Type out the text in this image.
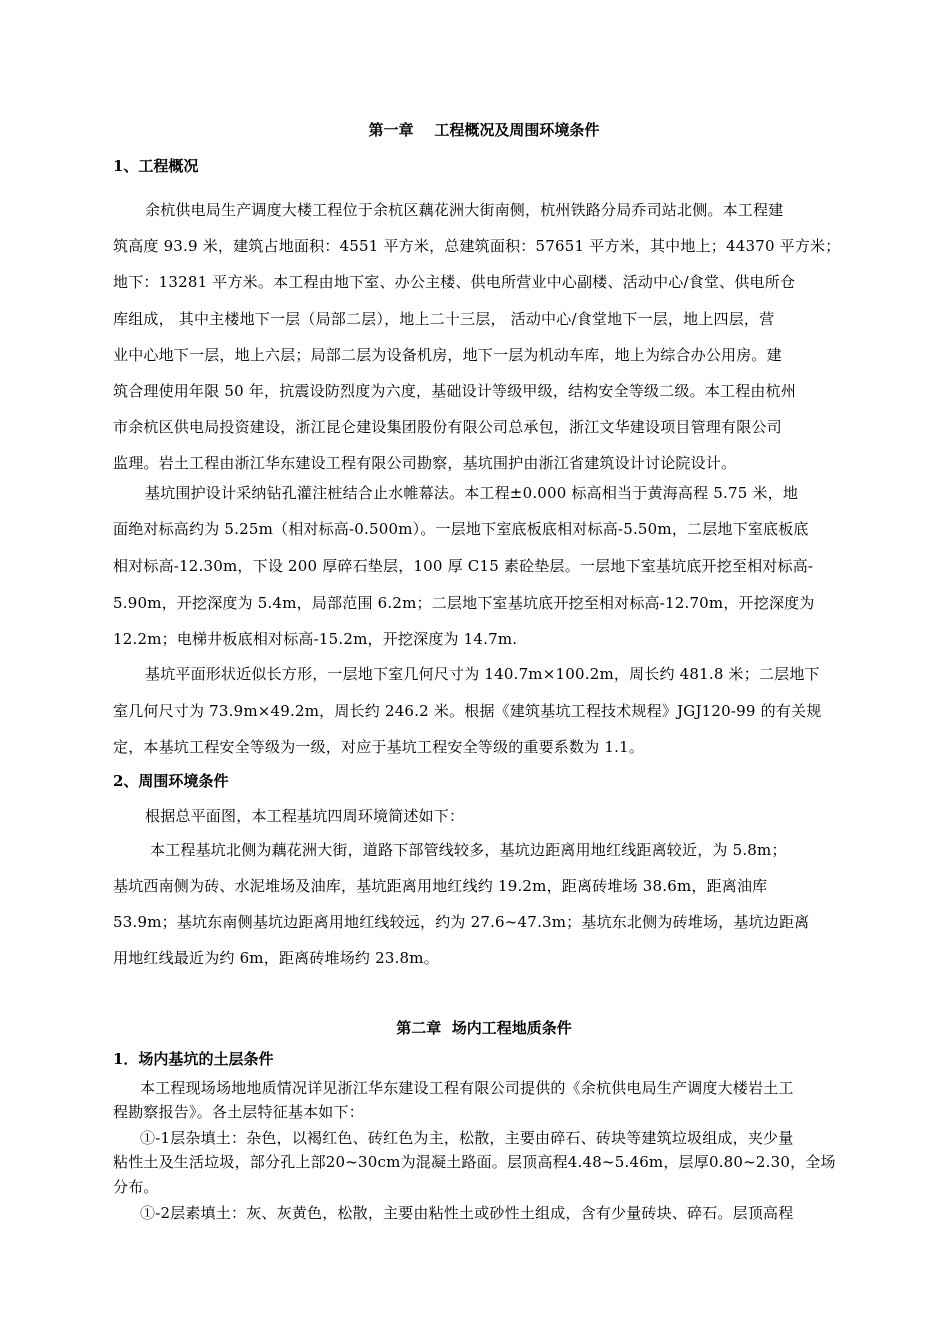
第一章    工程概况及周围环境条件
1、工程概况
余杭供电局生产调度大楼工程位于余杭区藕花洲大街南侧，杭州铁路分局乔司站北侧。本工程建
筑高度 93.9 米，建筑占地面积：4551 平方米，总建筑面积：57651 平方米，其中地上；44370 平方米；
地下：13281 平方米。本工程由地下室、办公主楼、供电所营业中心副楼、活动中心/食堂、供电所仓
库组成， 其中主楼地下一层（局部二层），地上二十三层， 活动中心/食堂地下一层，地上四层，营
业中心地下一层，地上六层；局部二层为设备机房，地下一层为机动车库，地上为综合办公用房。建
筑合理使用年限 50 年，抗震设防烈度为六度，基础设计等级甲级，结构安全等级二级。本工程由杭州
市余杭区供电局投资建设，浙江昆仑建设集团股份有限公司总承包，浙江文华建设项目管理有限公司
监理。岩土工程由浙江华东建设工程有限公司勘察，基坑围护由浙江省建筑设计讨论院设计。
基坑围护设计采纳钻孔灌注桩结合止水帷幕法。本工程±0.000 标高相当于黄海高程 5.75 米，地
面绝对标高约为 5.25m（相对标高-0.500m）。一层地下室底板底相对标高-5.50m，二层地下室底板底
相对标高-12.30m，下设 200 厚碎石垫层，100 厚 C15 素砼垫层。一层地下室基坑底开挖至相对标高-
5.90m，开挖深度为 5.4m，局部范围 6.2m；二层地下室基坑底开挖至相对标高-12.70m，开挖深度为
12.2m；电梯井板底相对标高-15.2m，开挖深度为 14.7m.
基坑平面形状近似长方形，一层地下室几何尺寸为 140.7m×100.2m，周长约 481.8 米；二层地下
室几何尺寸为 73.9m×49.2m，周长约 246.2 米。根据《建筑基坑工程技术规程》JGJ120-99 的有关规
定，本基坑工程安全等级为一级，对应于基坑工程安全等级的重要系数为 1.1。
2、周围环境条件
根据总平面图，本工程基坑四周环境简述如下：
本工程基坑北侧为藕花洲大街，道路下部管线较多，基坑边距离用地红线距离较近，为 5.8m；
基坑西南侧为砖、水泥堆场及油库，基坑距离用地红线约 19.2m，距离砖堆场 38.6m，距离油库
53.9m；基坑东南侧基坑边距离用地红线较远，约为 27.6~47.3m；基坑东北侧为砖堆场，基坑边距离
用地红线最近为约 6m，距离砖堆场约 23.8m。
第二章  场内工程地质条件
1．场内基坑的土层条件
本工程现场场地地质情况详见浙江华东建设工程有限公司提供的《余杭供电局生产调度大楼岩土工
程勘察报告》。各土层特征基本如下：
①-1层杂填土：杂色，以褐红色、砖红色为主，松散，主要由碎石、砖块等建筑垃圾组成，夹少量
粘性土及生活垃圾，部分孔上部20~30cm为混凝土路面。层顶高程4.48~5.46m，层厚0.80~2.30，全场
分布。
①-2层素填土：灰、灰黄色，松散，主要由粘性土或砂性土组成，含有少量砖块、碎石。层顶高程
